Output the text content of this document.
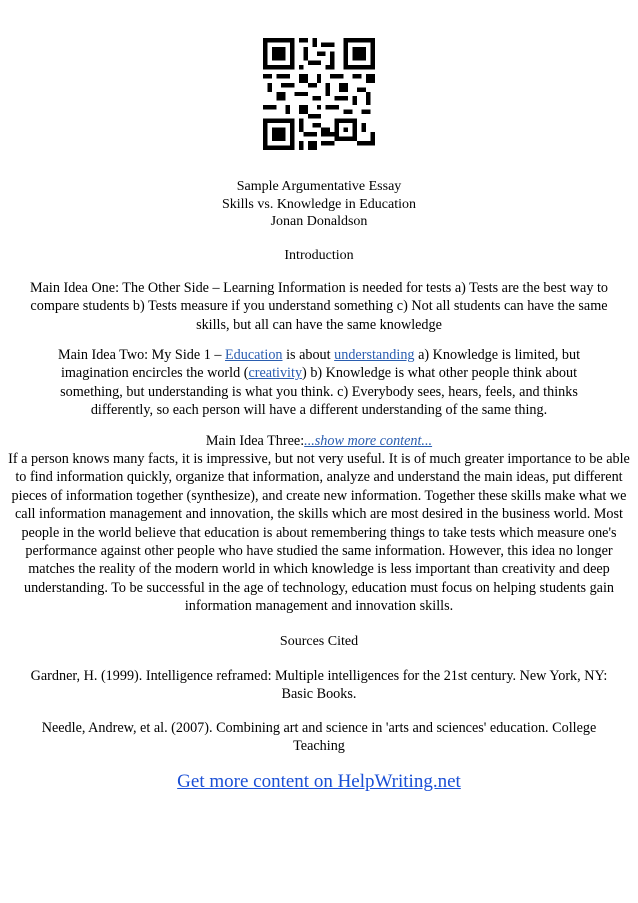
Sample Argumentative Essay
Skills vs. Knowledge in Education
Jonan Donaldson
Introduction
Main Idea One: The Other Side – Learning Information is needed for tests a) Tests are the best way to compare students b) Tests measure if you understand something c) Not all students can have the same skills, but all can have the same knowledge
Main Idea Two: My Side 1 – Education is about understanding a) Knowledge is limited, but imagination encircles the world (creativity) b) Knowledge is what other people think about something, but understanding is what you think. c) Everybody sees, hears, feels, and thinks differently, so each person will have a different understanding of the same thing.
Main Idea Three:...show more content...
If a person knows many facts, it is impressive, but not very useful. It is of much greater importance to be able to find information quickly, organize that information, analyze and understand the main ideas, put different pieces of information together (synthesize), and create new information. Together these skills make what we call information management and innovation, the skills which are most desired in the business world. Most people in the world believe that education is about remembering things to take tests which measure one's performance against other people who have studied the same information. However, this idea no longer matches the reality of the modern world in which knowledge is less important than creativity and deep understanding. To be successful in the age of technology, education must focus on helping students gain information management and innovation skills.
Sources Cited
Gardner, H. (1999). Intelligence reframed: Multiple intelligences for the 21st century. New York, NY: Basic Books.
Needle, Andrew, et al. (2007). Combining art and science in 'arts and sciences' education. College Teaching
Get more content on HelpWriting.net
